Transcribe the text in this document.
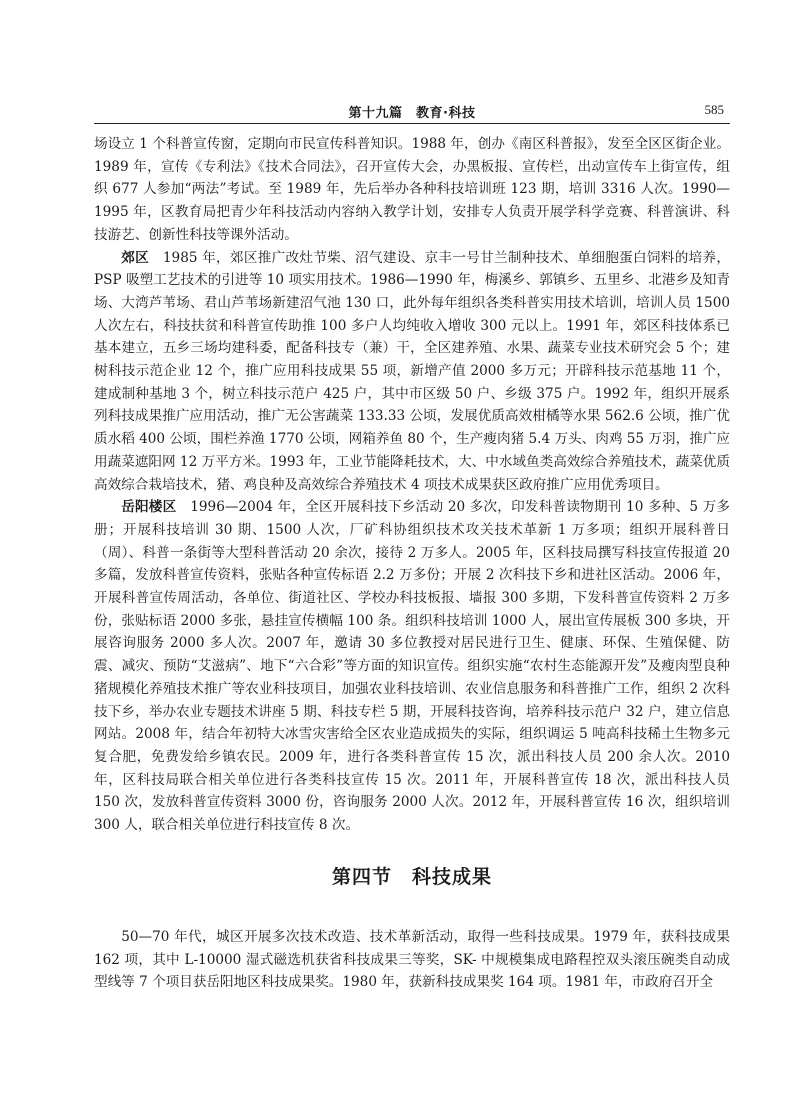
第十九篇　教育·科技	585

场设立 1 个科普宣传窗，定期向市民宣传科普知识。1988 年，创办《南区科普报》，发至全区区街企业。1989 年，宣传《专利法》《技术合同法》，召开宣传大会，办黑板报、宣传栏，出动宣传车上街宣传，组织 677 人参加“两法”考试。至 1989 年，先后举办各种科技培训班 123 期，培训 3316 人次。1990—1995 年，区教育局把青少年科技活动内容纳入教学计划，安排专人负责开展学科学竞赛、科普演讲、科技游艺、创新性科技等课外活动。

郊区　1985 年，郊区推广改灶节柴、沼气建设、京丰一号甘兰制种技术、单细胞蛋白饲料的培养，PSP 吸塑工艺技术的引进等 10 项实用技术。1986—1990 年，梅溪乡、郭镇乡、五里乡、北港乡及知青场、大湾芦苇场、君山芦苇场新建沼气池 130 口，此外每年组织各类科普实用技术培训，培训人员 1500 人次左右，科技扶贫和科普宣传助推 100 多户人均纯收入增收 300 元以上。1991 年，郊区科技体系已基本建立，五乡三场均建科委，配备科技专（兼）干，全区建养殖、水果、蔬菜专业技术研究会 5 个；建树科技示范企业 12 个，推广应用科技成果 55 项，新增产值 2000 多万元；开辟科技示范基地 11 个，建成制种基地 3 个，树立科技示范户 425 户，其中市区级 50 户、乡级 375 户。1992 年，组织开展系列科技成果推广应用活动，推广无公害蔬菜 133.33 公顷，发展优质高效柑橘等水果 562.6 公顷，推广优质水稻 400 公顷，围栏养渔 1770 公顷，网箱养鱼 80 个，生产瘦肉猪 5.4 万头、肉鸡 55 万羽，推广应用蔬菜遮阳网 12 万平方米。1993 年，工业节能降耗技术，大、中水域鱼类高效综合养殖技术，蔬菜优质高效综合栽培技术，猪、鸡良种及高效综合养殖技术 4 项技术成果获区政府推广应用优秀项目。

岳阳楼区　1996—2004 年，全区开展科技下乡活动 20 多次，印发科普读物期刊 10 多种、5 万多册；开展科技培训 30 期、1500 人次，厂矿科协组织技术攻关技术革新 1 万多项；组织开展科普日（周）、科普一条街等大型科普活动 20 余次，接待 2 万多人。2005 年，区科技局撰写科技宣传报道 20 多篇，发放科普宣传资料，张贴各种宣传标语 2.2 万多份；开展 2 次科技下乡和进社区活动。2006 年，开展科普宣传周活动，各单位、街道社区、学校办科技板报、墙报 300 多期，下发科普宣传资料 2 万多份，张贴标语 2000 多张，悬挂宣传横幅 100 条。组织科技培训 1000 人，展出宣传展板 300 多块，开展咨询服务 2000 多人次。2007 年，邀请 30 多位教授对居民进行卫生、健康、环保、生殖保健、防震、减灾、预防“艾滋病”、地下“六合彩”等方面的知识宣传。组织实施“农村生态能源开发”及瘦肉型良种猪规模化养殖技术推广等农业科技项目，加强农业科技培训、农业信息服务和科普推广工作，组织 2 次科技下乡，举办农业专题技术讲座 5 期、科技专栏 5 期，开展科技咨询，培养科技示范户 32 户，建立信息网站。2008 年，结合年初特大冰雪灾害给全区农业造成损失的实际，组织调运 5 吨高科技稀土生物多元复合肥，免费发给乡镇农民。2009 年，进行各类科普宣传 15 次，派出科技人员 200 余人次。2010 年，区科技局联合相关单位进行各类科技宣传 15 次。2011 年，开展科普宣传 18 次，派出科技人员 150 次，发放科普宣传资料 3000 份，咨询服务 2000 人次。2012 年，开展科普宣传 16 次，组织培训 300 人，联合相关单位进行科技宣传 8 次。

第四节　科技成果

50—70 年代，城区开展多次技术改造、技术革新活动，取得一些科技成果。1979 年，获科技成果 162 项，其中 L-10000 湿式磁选机获省科技成果三等奖，SK- 中规模集成电路程控双头滚压碗类自动成型线等 7 个项目获岳阳地区科技成果奖。1980 年，获新科技成果奖 164 项。1981 年，市政府召开全
